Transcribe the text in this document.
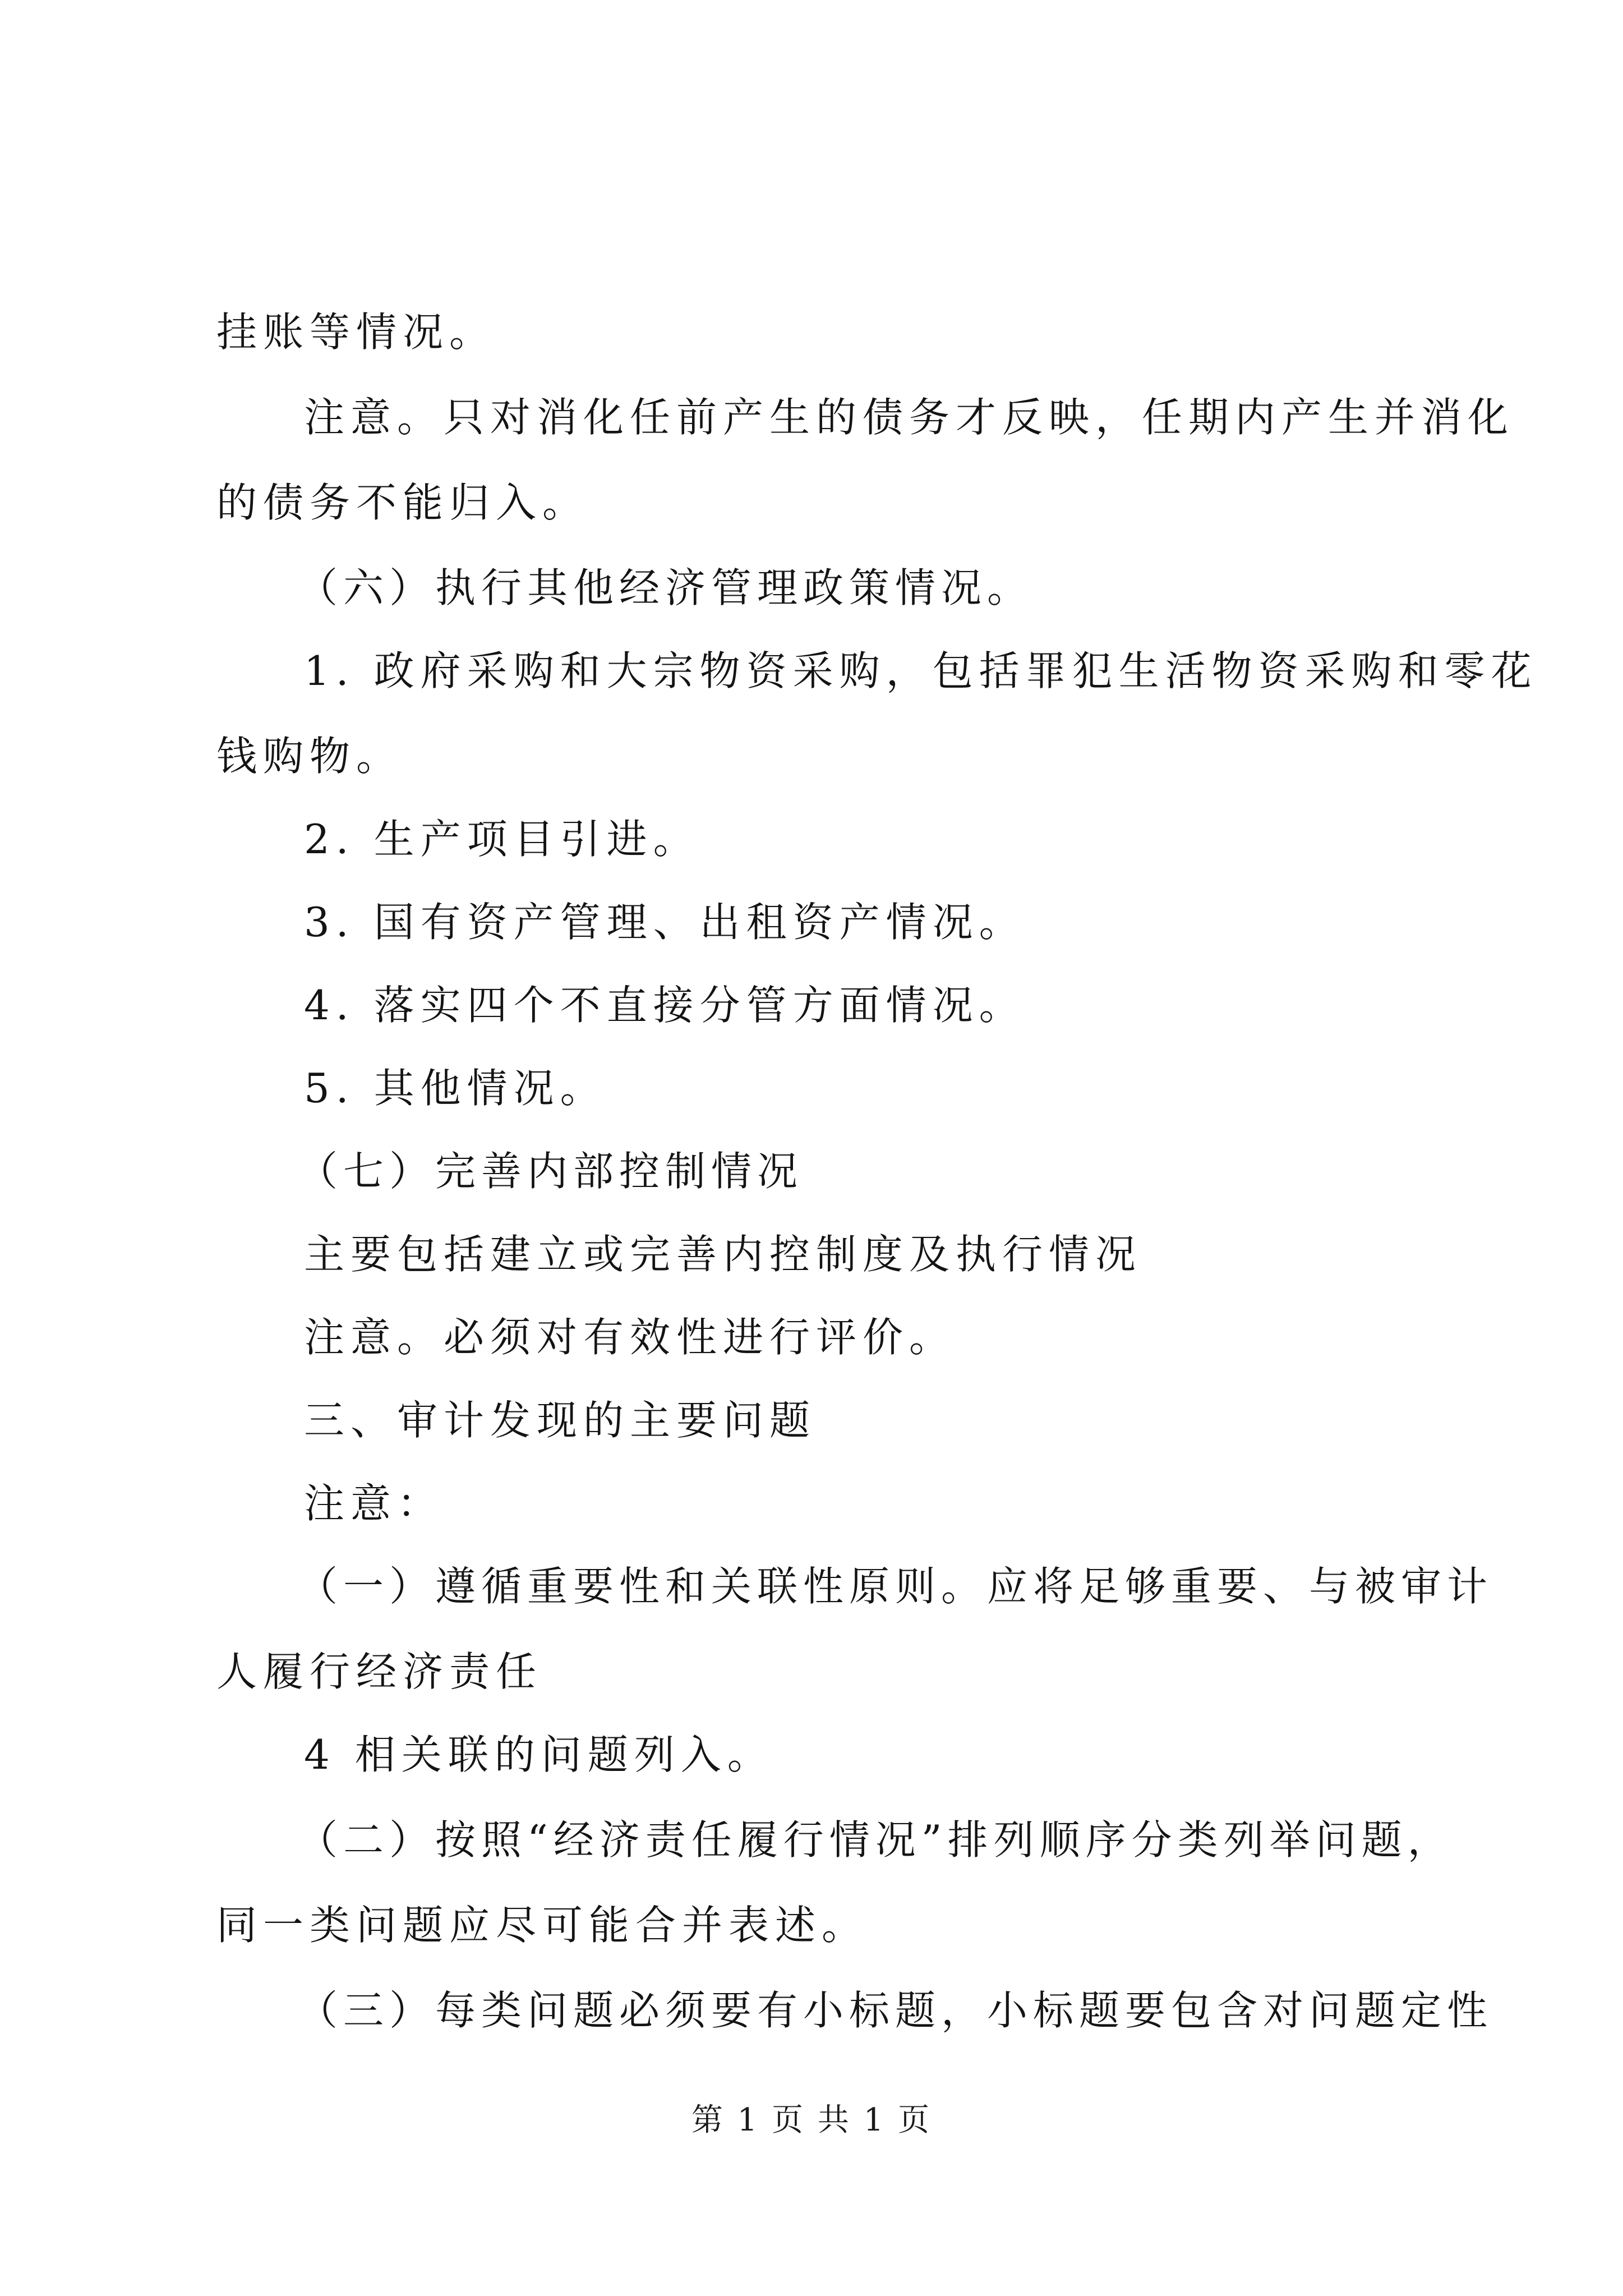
挂账等情况。
注意。只对消化任前产生的债务才反映，任期内产生并消化
的债务不能归入。
（六）执行其他经济管理政策情况。
1. 政府采购和大宗物资采购，包括罪犯生活物资采购和零花
钱购物。
2. 生产项目引进。
3. 国有资产管理、出租资产情况。
4. 落实四个不直接分管方面情况。
5. 其他情况。
（七）完善内部控制情况
主要包括建立或完善内控制度及执行情况
注意。必须对有效性进行评价。
三、审计发现的主要问题
注意：
（一）遵循重要性和关联性原则。应将足够重要、与被审计
人履行经济责任
4 相关联的问题列入。
（二）按照“经济责任履行情况”排列顺序分类列举问题，
同一类问题应尽可能合并表述。
（三）每类问题必须要有小标题，小标题要包含对问题定性
第 1 页 共 1 页
